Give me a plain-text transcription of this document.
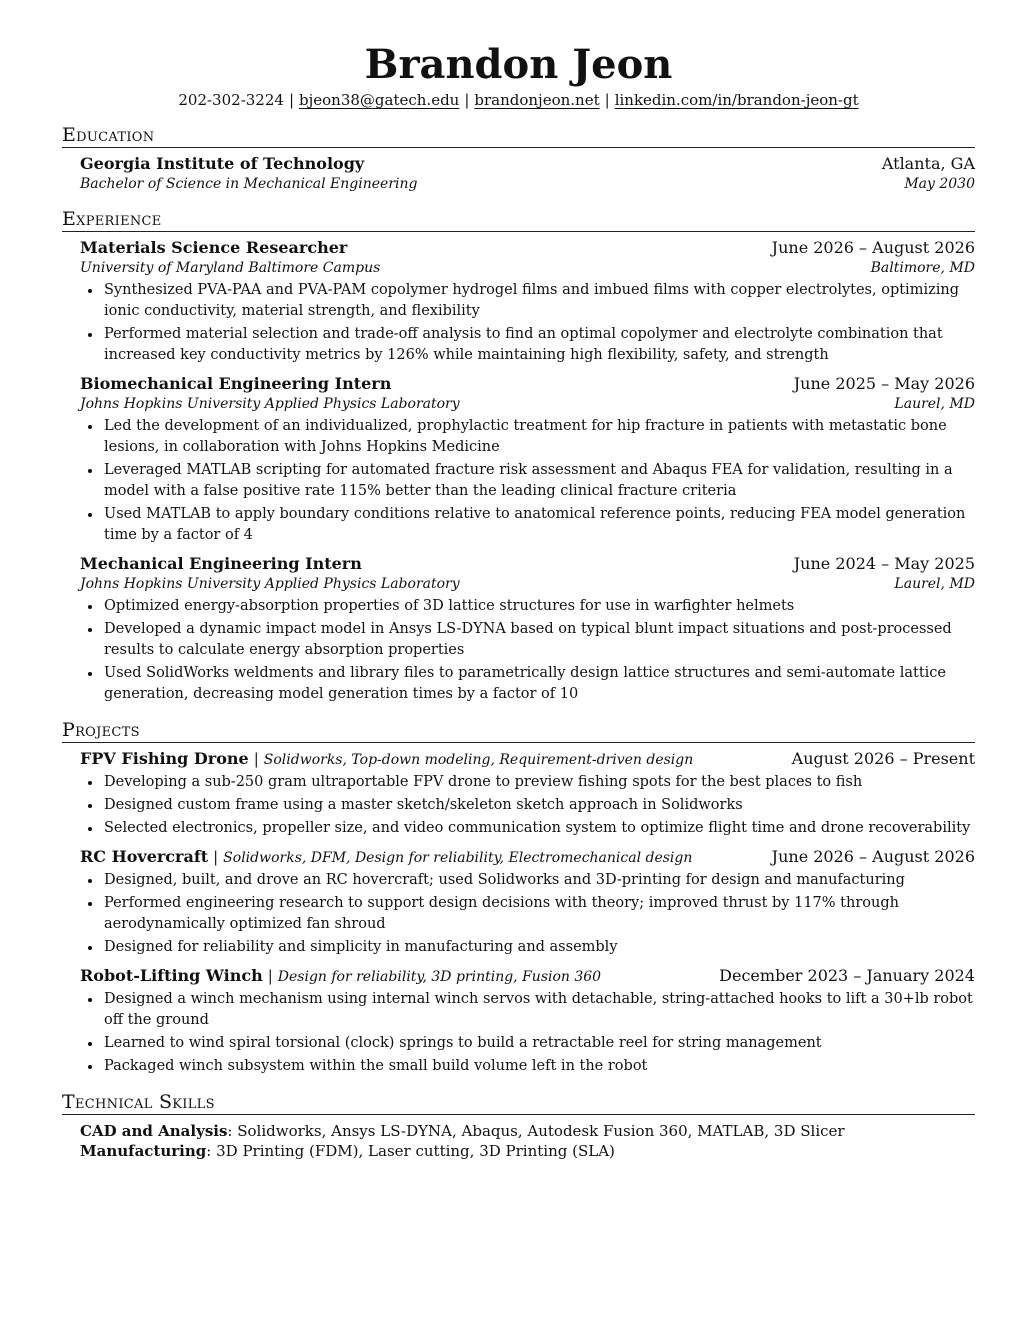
Brandon Jeon
202-302-3224 | bjeon38@gatech.edu | brandonjeon.net | linkedin.com/in/brandon-jeon-gt
Education
Georgia Institute of Technology	Atlanta, GA
Bachelor of Science in Mechanical Engineering	May 2030
Experience
Materials Science Researcher	June 2026 – August 2026
University of Maryland Baltimore Campus	Baltimore, MD
• Synthesized PVA-PAA and PVA-PAM copolymer hydrogel films and imbued films with copper electrolytes, optimizing ionic conductivity, material strength, and flexibility
• Performed material selection and trade-off analysis to find an optimal copolymer and electrolyte combination that increased key conductivity metrics by 126% while maintaining high flexibility, safety, and strength
Biomechanical Engineering Intern	June 2025 – May 2026
Johns Hopkins University Applied Physics Laboratory	Laurel, MD
• Led the development of an individualized, prophylactic treatment for hip fracture in patients with metastatic bone lesions, in collaboration with Johns Hopkins Medicine
• Leveraged MATLAB scripting for automated fracture risk assessment and Abaqus FEA for validation, resulting in a model with a false positive rate 115% better than the leading clinical fracture criteria
• Used MATLAB to apply boundary conditions relative to anatomical reference points, reducing FEA model generation time by a factor of 4
Mechanical Engineering Intern	June 2024 – May 2025
Johns Hopkins University Applied Physics Laboratory	Laurel, MD
• Optimized energy-absorption properties of 3D lattice structures for use in warfighter helmets
• Developed a dynamic impact model in Ansys LS-DYNA based on typical blunt impact situations and post-processed results to calculate energy absorption properties
• Used SolidWorks weldments and library files to parametrically design lattice structures and semi-automate lattice generation, decreasing model generation times by a factor of 10
Projects
FPV Fishing Drone | Solidworks, Top-down modeling, Requirement-driven design	August 2026 – Present
• Developing a sub-250 gram ultraportable FPV drone to preview fishing spots for the best places to fish
• Designed custom frame using a master sketch/skeleton sketch approach in Solidworks
• Selected electronics, propeller size, and video communication system to optimize flight time and drone recoverability
RC Hovercraft | Solidworks, DFM, Design for reliability, Electromechanical design	June 2026 – August 2026
• Designed, built, and drove an RC hovercraft; used Solidworks and 3D-printing for design and manufacturing
• Performed engineering research to support design decisions with theory; improved thrust by 117% through aerodynamically optimized fan shroud
• Designed for reliability and simplicity in manufacturing and assembly
Robot-Lifting Winch | Design for reliability, 3D printing, Fusion 360	December 2023 – January 2024
• Designed a winch mechanism using internal winch servos with detachable, string-attached hooks to lift a 30+lb robot off the ground
• Learned to wind spiral torsional (clock) springs to build a retractable reel for string management
• Packaged winch subsystem within the small build volume left in the robot
Technical Skills
CAD and Analysis: Solidworks, Ansys LS-DYNA, Abaqus, Autodesk Fusion 360, MATLAB, 3D Slicer
Manufacturing: 3D Printing (FDM), Laser cutting, 3D Printing (SLA)
